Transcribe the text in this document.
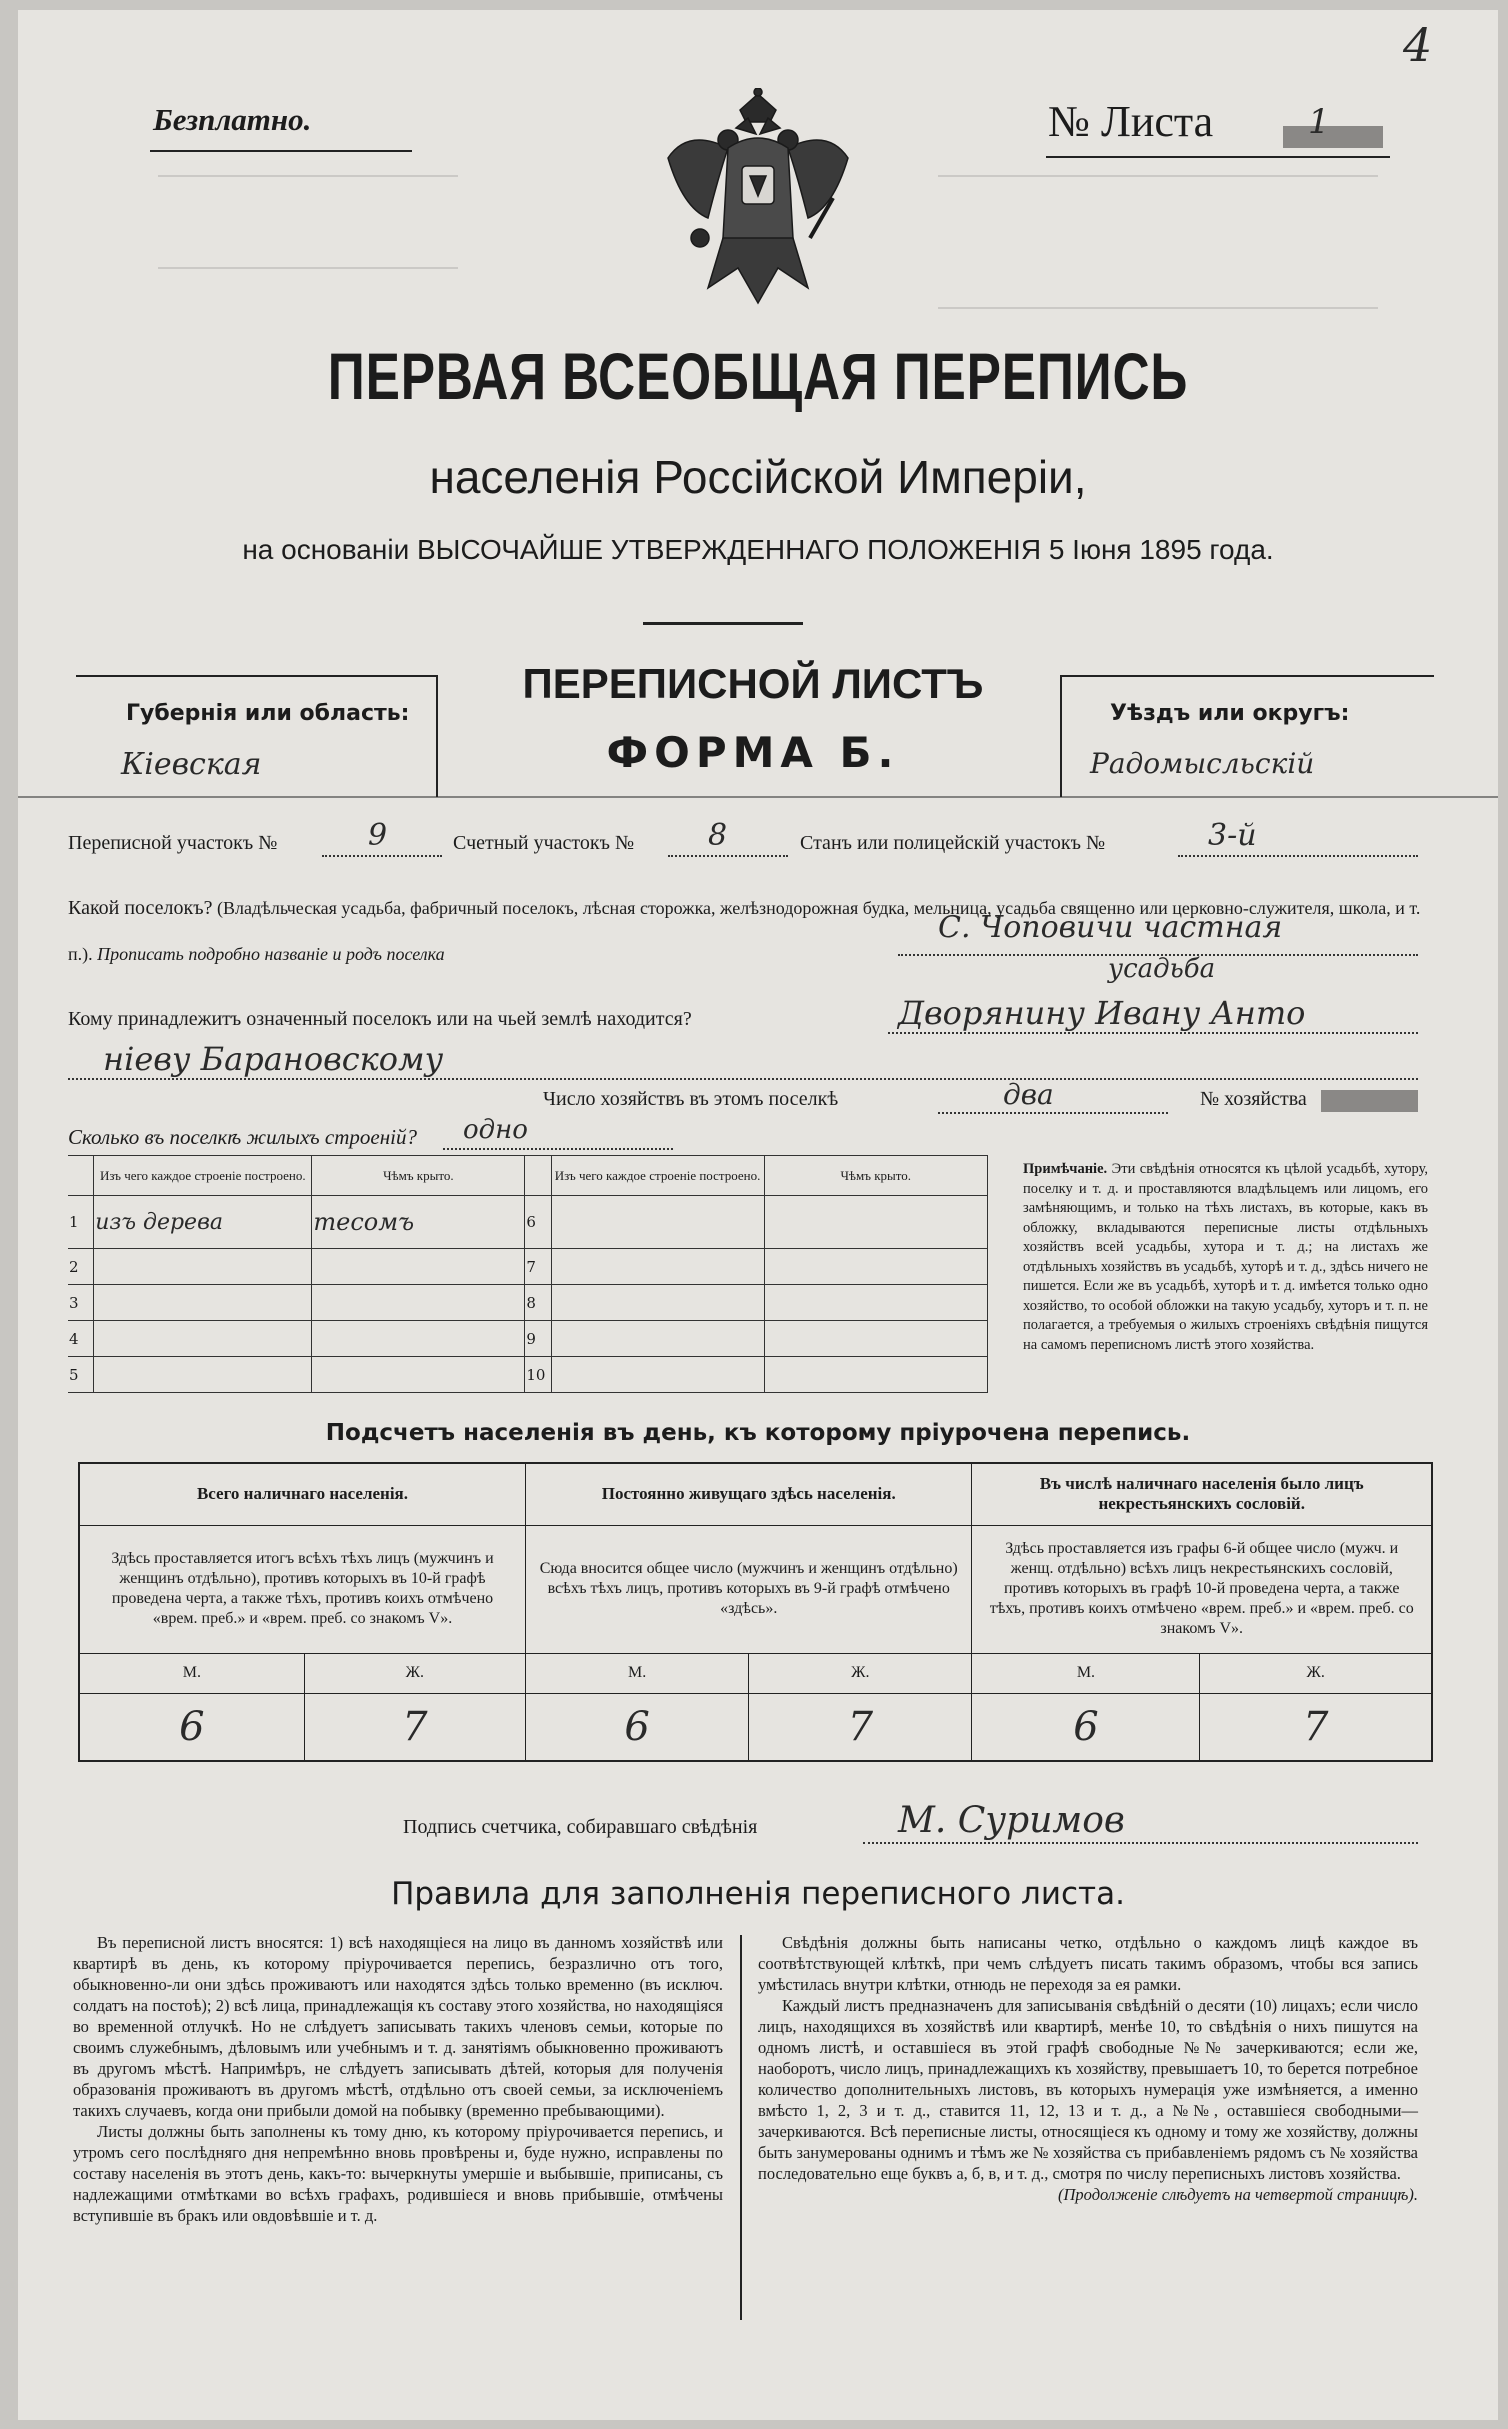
4
Безплатно.	№ Листа	1
ПЕРВАЯ ВСЕОБЩАЯ ПЕРЕПИСЬ
населенія Россійской Имперіи,
на основаніи ВЫСОЧАЙШЕ УТВЕРЖДЕННАГО ПОЛОЖЕНІЯ 5 Іюня 1895 года.
Губернія или область:
Кіевская
ПЕРЕПИСНОЙ ЛИСТЪ
ФОРМА Б.
Уѣздъ или округъ:
Радомысльскій
Переписной участокъ №	9	Счетный участокъ № 8	Станъ или полицейскій участокъ №	3-й
Какой поселокъ? (Владѣльческая усадьба, фабричный поселокъ, лѣсная сторожка, желѣзнодорожная будка, мельница, усадьба священно или церковно-служителя, школа, и т. п.). Прописать подробно названіе и родъ поселка
С. Чоповичи частная
усадьба
Кому принадлежитъ означенный поселокъ или на чьей землѣ находится?	Дворянину Ивану Анто
ніеву Барановскому
Число хозяйствъ въ этомъ поселкѣ	два	№ хозяйства
Сколько въ поселкѣ жилыхъ строеній? одно
	Изъ чего каждое строеніе построено.	Чѣмъ крыто.		Изъ чего каждое строеніе построено.	Чѣмъ крыто.
1	изъ дерева	тесомъ	6		
2			7		
3			8		
4			9		
5			10		
Примѣчаніе. Эти свѣдѣнія относятся къ цѣлой усадьбѣ, хутору, поселку и т. д. и проставляются владѣльцемъ или лицомъ, его замѣняющимъ, и только на тѣхъ листахъ, въ которые, какъ въ обложку, вкладываются переписные листы отдѣльныхъ хозяйствъ всей усадьбы, хутора и т. д.; на листахъ же отдѣльныхъ хозяйствъ въ усадьбѣ, хуторѣ и т. д., здѣсь ничего не пишется. Если же въ усадьбѣ, хуторѣ и т. д. имѣется только одно хозяйство, то особой обложки на такую усадьбу, хуторъ и т. п. не полагается, а требуемыя о жилыхъ строеніяхъ свѣдѣнія пищутся на самомъ переписномъ листѣ этого хозяйства.
Подсчетъ населенія въ день, къ которому пріурочена перепись.
Всего наличнаго населенія.		Постоянно живущаго здѣсь населенія.		Въ числѣ наличнаго населенія было лицъ некрестьянскихъ сословій.	
Здѣсь проставляется итогъ всѣхъ тѣхъ лицъ (мужчинъ и женщинъ отдѣльно), противъ которыхъ въ 10-й графѣ проведена черта, а также тѣхъ, противъ коихъ отмѣчено «врем. преб.» и «врем. преб. со знакомъ V».		Сюда вносится общее число (мужчинъ и женщинъ отдѣльно) всѣхъ тѣхъ лицъ, противъ которыхъ въ 9-й графѣ отмѣчено «здѣсь».		Здѣсь проставляется изъ графы 6-й общее число (мужч. и женщ. отдѣльно) всѣхъ лицъ некрестьянскихъ сословій, противъ которыхъ въ графѣ 10-й проведена черта, а также тѣхъ, противъ коихъ отмѣчено «врем. преб.» и «врем. преб. со знакомъ V».	
М.	Ж.	М.	Ж.	М.	Ж.
6	7	6	7	6	7
Подпись счетчика, собиравшаго свѣдѣнія	М. Суримов
Правила для заполненія переписного листа.

Въ переписной листъ вносятся: 1) всѣ находящіеся на лицо въ данномъ хозяйствѣ или квартирѣ въ день, къ которому пріурочивается перепись, безразлично отъ того, обыкновенно-ли они здѣсь проживаютъ или находятся здѣсь только временно (въ исключ. солдатъ на постоѣ); 2) всѣ лица, принадлежащія къ составу этого хозяйства, но находящіяся во временной отлучкѣ. Но не слѣдуетъ записывать такихъ членовъ семьи, которые по своимъ служебнымъ, дѣловымъ или учебнымъ и т. д. занятіямъ обыкновенно проживаютъ въ другомъ мѣстѣ. Напримѣръ, не слѣдуетъ записывать дѣтей, которыя для полученія образованія проживаютъ въ другомъ мѣстѣ, отдѣльно отъ своей семьи, за исключеніемъ такихъ случаевъ, когда они прибыли домой на побывку (временно пребывающими).

Листы должны быть заполнены къ тому дню, къ которому пріурочивается перепись, и утромъ сего послѣдняго дня непремѣнно вновь провѣрены и, буде нужно, исправлены по составу населенія въ этотъ день, какъ-то: вычеркнуты умершіе и выбывшіе, приписаны, съ надлежащими отмѣтками во всѣхъ графахъ, родившіеся и вновь прибывшіе, отмѣчены вступившіе въ бракъ или овдовѣвшіе и т. д.

Свѣдѣнія должны быть написаны четко, отдѣльно о каждомъ лицѣ каждое въ соотвѣтствующей клѣткѣ, при чемъ слѣдуетъ писать такимъ образомъ, чтобы вся запись умѣстилась внутри клѣтки, отнюдь не переходя за ея рамки.

Каждый листъ предназначенъ для записыванія свѣдѣній о десяти (10) лицахъ; если число лицъ, находящихся въ хозяйствѣ или квартирѣ, менѣе 10, то свѣдѣнія о нихъ пишутся на одномъ листѣ, и оставшіеся въ этой графѣ свободные №№ зачеркиваются; если же, наоборотъ, число лицъ, принадлежащихъ къ хозяйству, превышаетъ 10, то берется потребное количество дополнительныхъ листовъ, въ которыхъ нумерація уже измѣняется, а именно вмѣсто 1, 2, 3 и т. д., ставится 11, 12, 13 и т. д., а №№, оставшіеся свободными—зачеркиваются. Всѣ переписные листы, относящіеся къ одному и тому же хозяйству, должны быть занумерованы однимъ и тѣмъ же № хозяйства съ прибавленіемъ рядомъ съ № хозяйства последовательно еще буквъ а, б, в, и т. д., смотря по числу переписныхъ листовъ хозяйства.

(Продолженіе слѣдуетъ на четвертой страницѣ).
